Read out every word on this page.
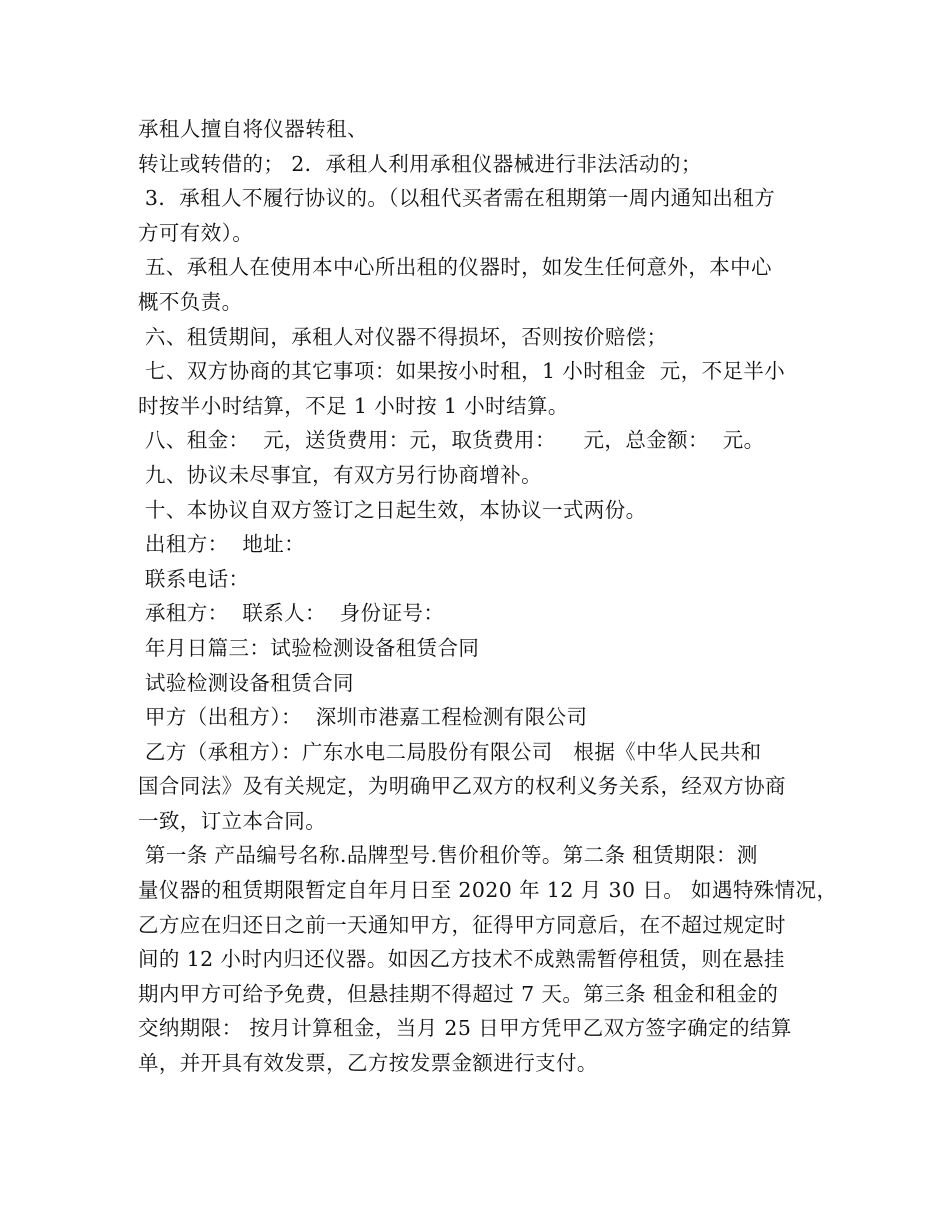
承租人擅自将仪器转租、
转让或转借的； 2．承租人利用承租仪器械进行非法活动的；
3．承租人不履行协议的。（以租代买者需在租期第一周内通知出租方
方可有效）。
五、承租人在使用本中心所出租的仪器时，如发生任何意外，本中心
概不负责。
六、租赁期间，承租人对仪器不得损坏，否则按价赔偿；
七、双方协商的其它事项：如果按小时租，1 小时租金  元，不足半小
时按半小时结算，不足 1 小时按 1 小时结算。
八、租金：  元，送货费用：元，取货费用：    元，总金额：  元。
九、协议未尽事宜，有双方另行协商增补。
十、本协议自双方签订之日起生效，本协议一式两份。
出租方：  地址：
联系电话：
承租方：  联系人：  身份证号：
年月日篇三：试验检测设备租赁合同
试验检测设备租赁合同
甲方（出租方）：  深圳市港嘉工程检测有限公司
乙方（承租方）：广东水电二局股份有限公司   根据《中华人民共和
国合同法》及有关规定，为明确甲乙双方的权利义务关系，经双方协商
一致，订立本合同。
第一条 产品编号名称.品牌型号.售价租价等。第二条 租赁期限：测
量仪器的租赁期限暂定自年月日至 2020 年 12 月 30 日。 如遇特殊情况，
乙方应在归还日之前一天通知甲方，征得甲方同意后，在不超过规定时
间的 12 小时内归还仪器。如因乙方技术不成熟需暂停租赁，则在悬挂
期内甲方可给予免费，但悬挂期不得超过 7 天。第三条 租金和租金的
交纳期限： 按月计算租金，当月 25 日甲方凭甲乙双方签字确定的结算
单，并开具有效发票，乙方按发票金额进行支付。
